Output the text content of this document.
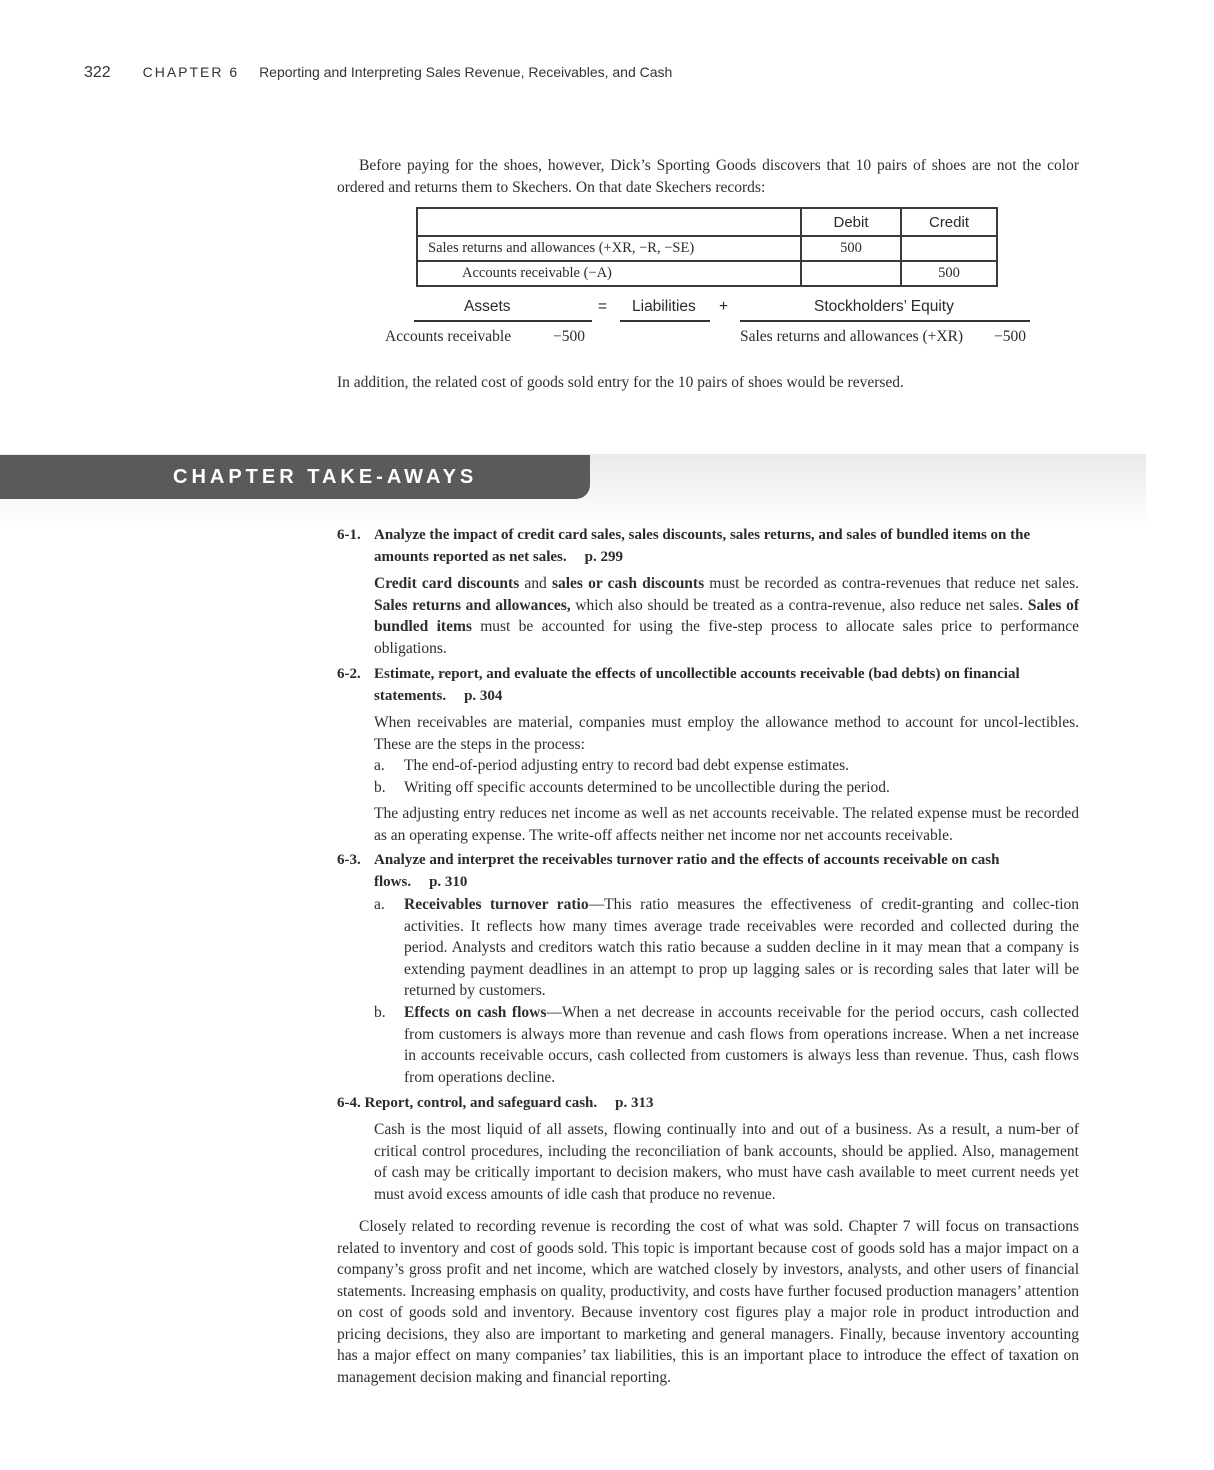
322 CHAPTER 6 Reporting and Interpreting Sales Revenue, Receivables, and Cash
Before paying for the shoes, however, Dick’s Sporting Goods discovers that 10 pairs of shoes are not the color ordered and returns them to Skechers. On that date Skechers records:
	Debit	Credit
Sales returns and allowances (+XR, −R, −SE)	500	
Accounts receivable (−A)		500
Assets	= Liabilities +	Stockholders’ Equity
Accounts receivable	−500	Sales returns and allowances (+XR) −500
In addition, the related cost of goods sold entry for the 10 pairs of shoes would be reversed.
CHAPTER TAKE-AWAYS
6-1. Analyze the impact of credit card sales, sales discounts, sales returns, and sales of bundled items on the
amounts reported as net sales. p. 299
Credit card discounts and sales or cash discounts must be recorded as contra-revenues that reduce net sales. Sales returns and allowances, which also should be treated as a contra-revenue, also reduce net sales. Sales of bundled items must be accounted for using the five-step process to allocate sales price to performance obligations.
6-2. Estimate, report, and evaluate the effects of uncollectible accounts receivable (bad debts) on financial
statements. p. 304
When receivables are material, companies must employ the allowance method to account for uncol-lectibles. These are the steps in the process:
a.	The end-of-period adjusting entry to record bad debt expense estimates.
b.	Writing off specific accounts determined to be uncollectible during the period.
The adjusting entry reduces net income as well as net accounts receivable. The related expense must be recorded as an operating expense. The write-off affects neither net income nor net accounts receivable.
6-3. Analyze and interpret the receivables turnover ratio and the effects of accounts receivable on cash
flows. p. 310
a.	Receivables turnover ratio—This ratio measures the effectiveness of credit-granting and collec-tion activities. It reflects how many times average trade receivables were recorded and collected during the period. Analysts and creditors watch this ratio because a sudden decline in it may mean that a company is extending payment deadlines in an attempt to prop up lagging sales or is recording sales that later will be returned by customers.
b.	Effects on cash flows—When a net decrease in accounts receivable for the period occurs, cash collected from customers is always more than revenue and cash flows from operations increase. When a net increase in accounts receivable occurs, cash collected from customers is always less than revenue. Thus, cash flows from operations decline.
6-4. Report, control, and safeguard cash. p. 313
Cash is the most liquid of all assets, flowing continually into and out of a business. As a result, a num-ber of critical control procedures, including the reconciliation of bank accounts, should be applied. Also, management of cash may be critically important to decision makers, who must have cash available to meet current needs yet must avoid excess amounts of idle cash that produce no revenue.
Closely related to recording revenue is recording the cost of what was sold. Chapter 7 will focus on transactions related to inventory and cost of goods sold. This topic is important because cost of goods sold has a major impact on a company’s gross profit and net income, which are watched closely by investors, analysts, and other users of financial statements. Increasing emphasis on quality, productivity, and costs have further focused production managers’ attention on cost of goods sold and inventory. Because inventory cost figures play a major role in product introduction and pricing decisions, they also are important to marketing and general managers. Finally, because inventory accounting has a major effect on many companies’ tax liabilities, this is an important place to introduce the effect of taxation on management decision making and financial reporting.
